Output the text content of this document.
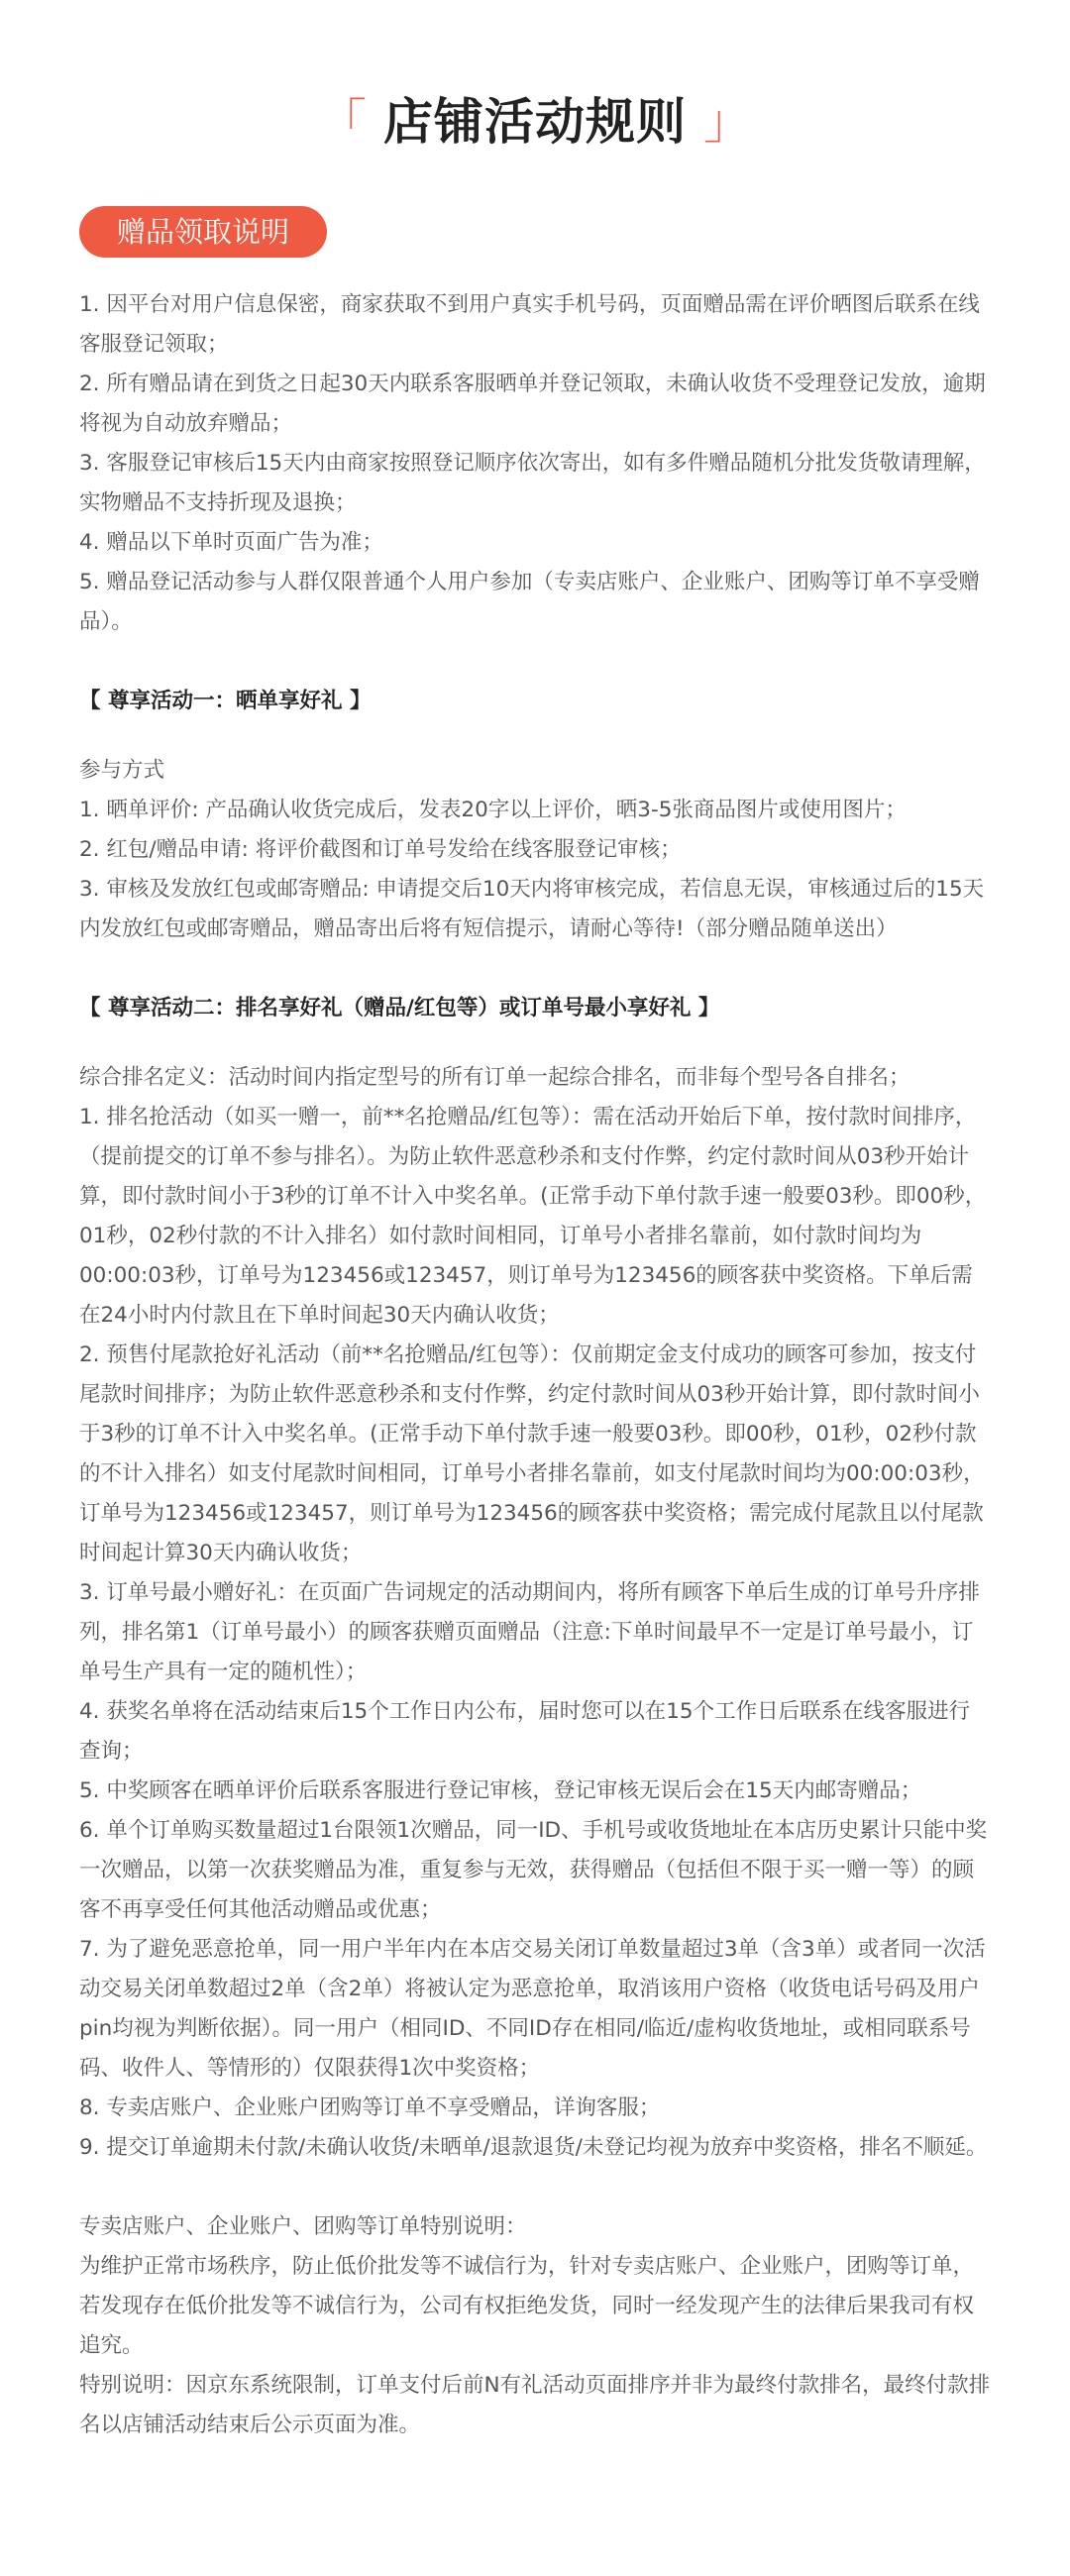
「 店铺活动规则 」
赠品领取说明

1. 因平台对用户信息保密，商家获取不到用户真实手机号码，页面赠品需在评价晒图后联系在线客服登记领取；

2. 所有赠品请在到货之日起30天内联系客服晒单并登记领取，未确认收货不受理登记发放，逾期将视为自动放弃赠品；

3. 客服登记审核后15天内由商家按照登记顺序依次寄出，如有多件赠品随机分批发货敬请理解，实物赠品不支持折现及退换；

4. 赠品以下单时页面广告为准；

5. 赠品登记活动参与人群仅限普通个人用户参加（专卖店账户、企业账户、团购等订单不享受赠品）。

【 尊享活动一：晒单享好礼 】

参与方式

1. 晒单评价: 产品确认收货完成后，发表20字以上评价，晒3-5张商品图片或使用图片；

2. 红包/赠品申请: 将评价截图和订单号发给在线客服登记审核；

3. 审核及发放红包或邮寄赠品: 申请提交后10天内将审核完成，若信息无误，审核通过后的15天内发放红包或邮寄赠品，赠品寄出后将有短信提示，请耐心等待!（部分赠品随单送出）

【 尊享活动二：排名享好礼（赠品/红包等）或订单号最小享好礼 】

综合排名定义：活动时间内指定型号的所有订单一起综合排名，而非每个型号各自排名；

1. 排名抢活动（如买一赠一，前**名抢赠品/红包等）：需在活动开始后下单，按付款时间排序，（提前提交的订单不参与排名）。为防止软件恶意秒杀和支付作弊，约定付款时间从03秒开始计算，即付款时间小于3秒的订单不计入中奖名单。(正常手动下单付款手速一般要03秒。即00秒，01秒，02秒付款的不计入排名）如付款时间相同，订单号小者排名靠前，如付款时间均为00:00:03秒，订单号为123456或123457，则订单号为123456的顾客获中奖资格。下单后需在24小时内付款且在下单时间起30天内确认收货；

2. 预售付尾款抢好礼活动（前**名抢赠品/红包等）：仅前期定金支付成功的顾客可参加，按支付尾款时间排序；为防止软件恶意秒杀和支付作弊，约定付款时间从03秒开始计算，即付款时间小于3秒的订单不计入中奖名单。(正常手动下单付款手速一般要03秒。即00秒，01秒，02秒付款的不计入排名）如支付尾款时间相同，订单号小者排名靠前，如支付尾款时间均为00:00:03秒，订单号为123456或123457，则订单号为123456的顾客获中奖资格；需完成付尾款且以付尾款时间起计算30天内确认收货；

3. 订单号最小赠好礼：在页面广告词规定的活动期间内，将所有顾客下单后生成的订单号升序排列，排名第1（订单号最小）的顾客获赠页面赠品（注意:下单时间最早不一定是订单号最小，订单号生产具有一定的随机性）；

4. 获奖名单将在活动结束后15个工作日内公布，届时您可以在15个工作日后联系在线客服进行查询；

5. 中奖顾客在晒单评价后联系客服进行登记审核，登记审核无误后会在15天内邮寄赠品；

6. 单个订单购买数量超过1台限领1次赠品，同一ID、手机号或收货地址在本店历史累计只能中奖一次赠品，以第一次获奖赠品为准，重复参与无效，获得赠品（包括但不限于买一赠一等）的顾客不再享受任何其他活动赠品或优惠；

7. 为了避免恶意抢单，同一用户半年内在本店交易关闭订单数量超过3单（含3单）或者同一次活动交易关闭单数超过2单（含2单）将被认定为恶意抢单，取消该用户资格（收货电话号码及用户pin均视为判断依据）。同一用户（相同ID、不同ID存在相同/临近/虚构收货地址，或相同联系号码、收件人、等情形的）仅限获得1次中奖资格；

8. 专卖店账户、企业账户团购等订单不享受赠品，详询客服；

9. 提交订单逾期未付款/未确认收货/未晒单/退款退货/未登记均视为放弃中奖资格，排名不顺延。

专卖店账户、企业账户、团购等订单特别说明：

为维护正常市场秩序，防止低价批发等不诚信行为，针对专卖店账户、企业账户，团购等订单，若发现存在低价批发等不诚信行为，公司有权拒绝发货，同时一经发现产生的法律后果我司有权追究。

特别说明：因京东系统限制，订单支付后前N有礼活动页面排序并非为最终付款排名，最终付款排名以店铺活动结束后公示页面为准。
